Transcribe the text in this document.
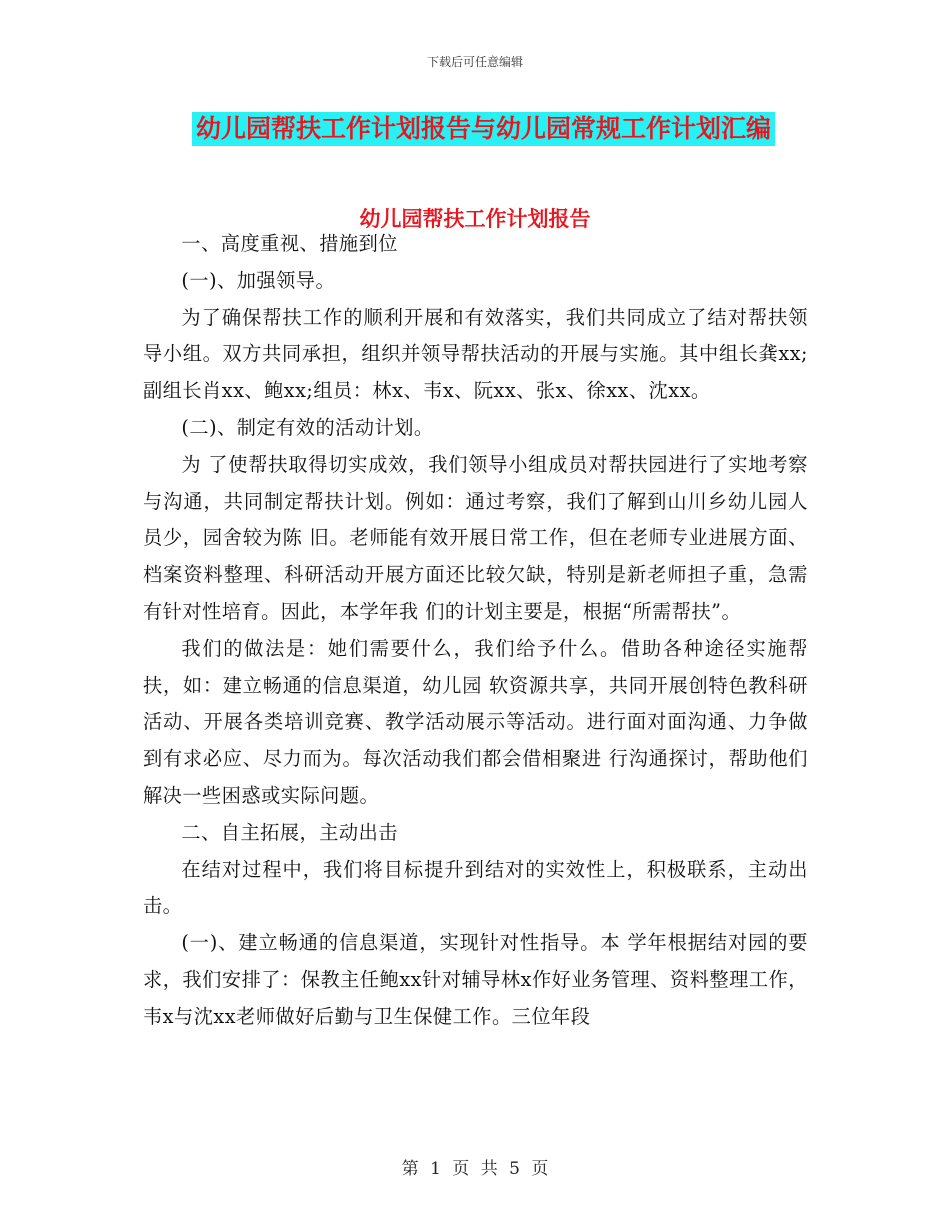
下载后可任意编辑
幼儿园帮扶工作计划报告与幼儿园常规工作计划汇编
幼儿园帮扶工作计划报告

一、高度重视、措施到位

(一)、加强领导。

为了确保帮扶工作的顺利开展和有效落实，我们共同成立了结对帮扶领导小组。双方共同承担，组织并领导帮扶活动的开展与实施。其中组长龚xx;副组长肖xx、鲍xx;组员：林x、韦x、阮xx、张x、徐xx、沈xx。

(二)、制定有效的活动计划。

为 了使帮扶取得切实成效，我们领导小组成员对帮扶园进行了实地考察与沟通，共同制定帮扶计划。例如：通过考察，我们了解到山川乡幼儿园人员少，园舍较为陈 旧。老师能有效开展日常工作，但在老师专业进展方面、档案资料整理、科研活动开展方面还比较欠缺，特别是新老师担子重，急需有针对性培育。因此，本学年我 们的计划主要是，根据“所需帮扶”。

我们的做法是：她们需要什么，我们给予什么。借助各种途径实施帮扶，如：建立畅通的信息渠道，幼儿园 软资源共享，共同开展创特色教科研活动、开展各类培训竞赛、教学活动展示等活动。进行面对面沟通、力争做到有求必应、尽力而为。每次活动我们都会借相聚进 行沟通探讨，帮助他们解决一些困惑或实际问题。

二、自主拓展，主动出击

在结对过程中，我们将目标提升到结对的实效性上，积极联系，主动出击。

(一)、建立畅通的信息渠道，实现针对性指导。本 学年根据结对园的要求，我们安排了：保教主任鲍xx针对辅导林x作好业务管理、资料整理工作，韦x与沈xx老师做好后勤与卫生保健工作。三位年段

第 1 页 共 5 页
